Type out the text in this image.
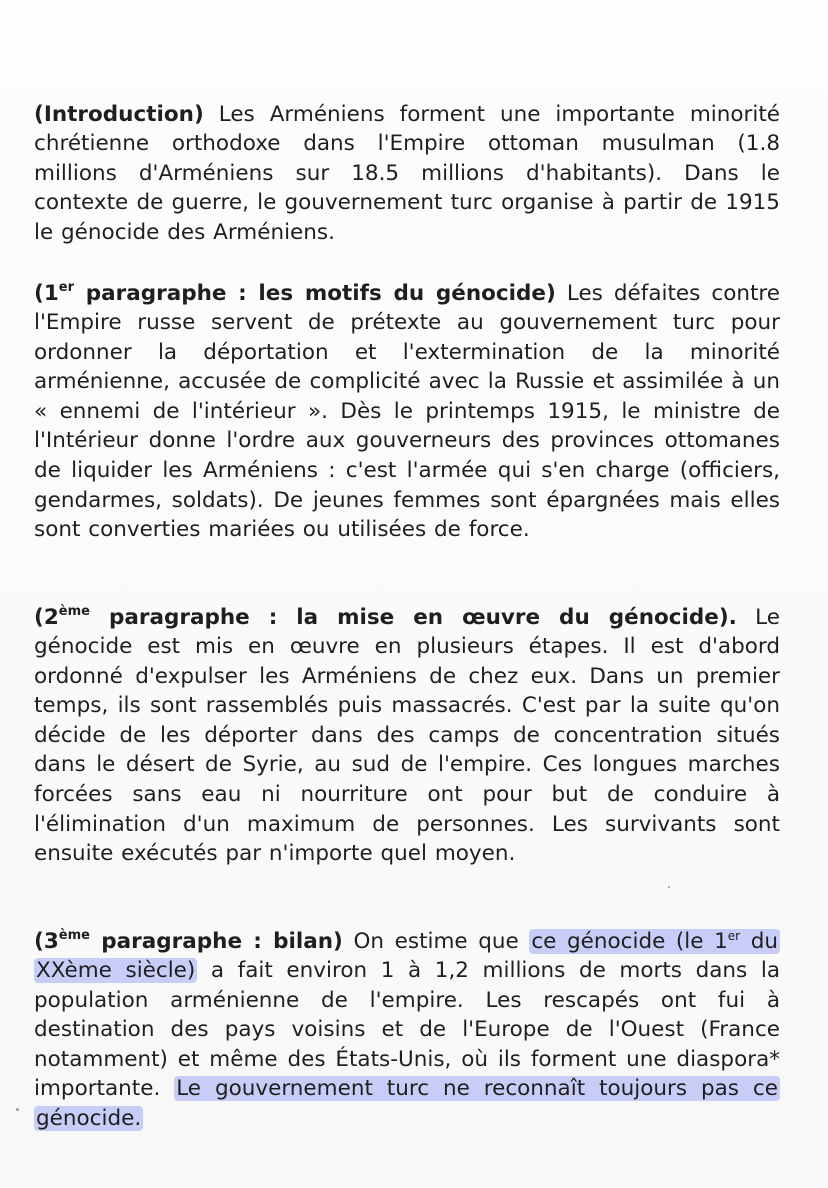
(Introduction) Les Arméniens forment une importante minorité chrétienne orthodoxe dans l'Empire ottoman musulman (1.8 millions d'Arméniens sur 18.5 millions d'habitants). Dans le contexte de guerre, le gouvernement turc organise à partir de 1915 le génocide des Arméniens.

(1er paragraphe : les motifs du génocide) Les défaites contre l'Empire russe servent de prétexte au gouvernement turc pour ordonner la déportation et l'extermination de la minorité arménienne, accusée de complicité avec la Russie et assimilée à un « ennemi de l'intérieur ». Dès le printemps 1915, le ministre de l'Intérieur donne l'ordre aux gouverneurs des provinces ottomanes de liquider les Arméniens : c'est l'armée qui s'en charge (officiers, gendarmes, soldats). De jeunes femmes sont épargnées mais elles sont converties mariées ou utilisées de force.

(2ème paragraphe : la mise en œuvre du génocide). Le génocide est mis en œuvre en plusieurs étapes. Il est d'abord ordonné d'expulser les Arméniens de chez eux. Dans un premier temps, ils sont rassemblés puis massacrés. C'est par la suite qu'on décide de les déporter dans des camps de concentration situés dans le désert de Syrie, au sud de l'empire. Ces longues marches forcées sans eau ni nourriture ont pour but de conduire à l'élimination d'un maximum de personnes. Les survivants sont ensuite exécutés par n'importe quel moyen.

(3ème paragraphe : bilan) On estime que ce génocide (le 1er du XXème siècle) a fait environ 1 à 1,2 millions de morts dans la population arménienne de l'empire. Les rescapés ont fui à destination des pays voisins et de l'Europe de l'Ouest (France notamment) et même des États-Unis, où ils forment une diaspora* importante. Le gouvernement turc ne reconnaît toujours pas ce génocide.
